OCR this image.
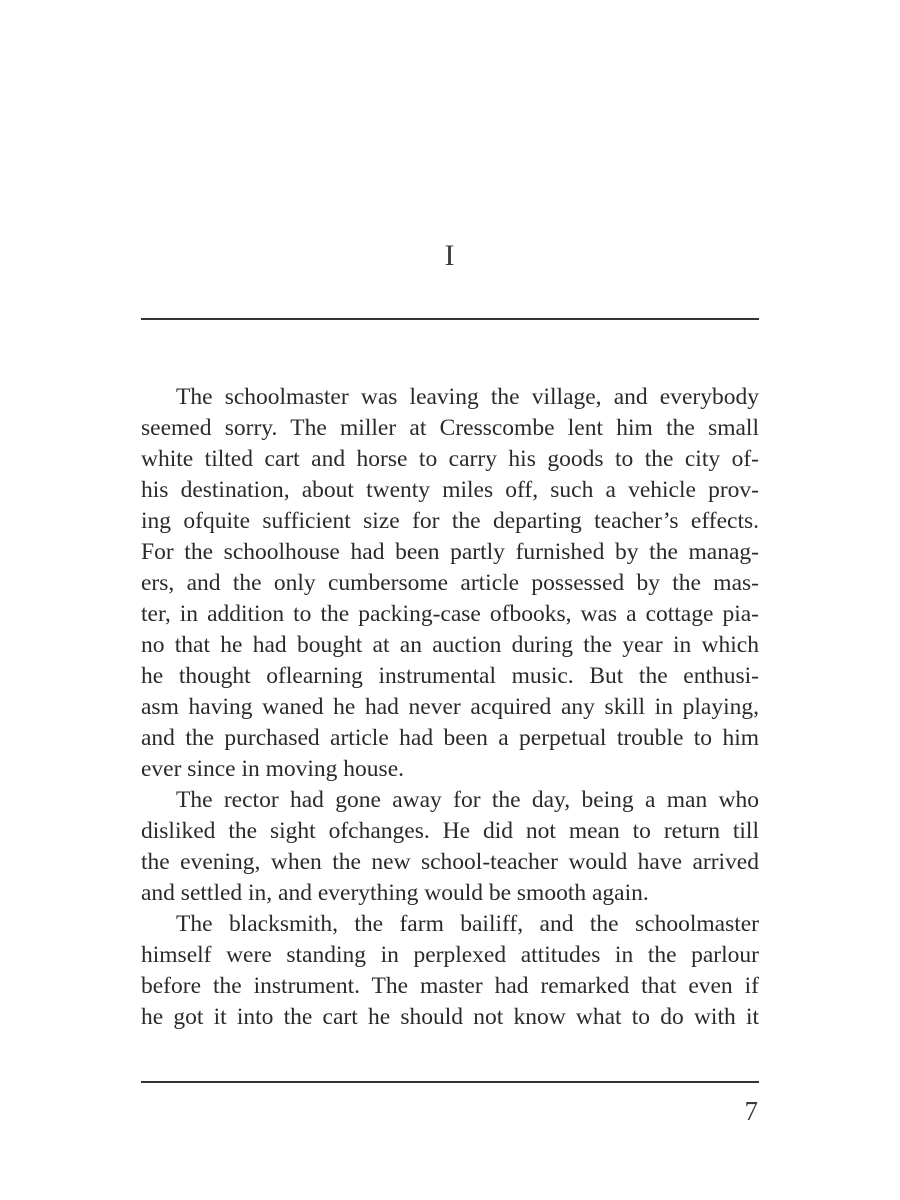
I
The schoolmaster was leaving the village, and everybody
seemed sorry. The miller at Cresscombe lent him the small
white tilted cart and horse to carry his goods to the city of-
his destination, about twenty miles off, such a vehicle prov-
ing ofquite sufficient size for the departing teacher’s effects.
For the schoolhouse had been partly furnished by the manag-
ers, and the only cumbersome article possessed by the mas-
ter, in addition to the packing-case ofbooks, was a cottage pia-
no that he had bought at an auction during the year in which
he thought oflearning instrumental music. But the enthusi-
asm having waned he had never acquired any skill in playing,
and the purchased article had been a perpetual trouble to him
ever since in moving house.
The rector had gone away for the day, being a man who
disliked the sight ofchanges. He did not mean to return till
the evening, when the new school-teacher would have arrived
and settled in, and everything would be smooth again.
The blacksmith, the farm bailiff, and the schoolmaster
himself were standing in perplexed attitudes in the parlour
before the instrument. The master had remarked that even if
he got it into the cart he should not know what to do with it
7
